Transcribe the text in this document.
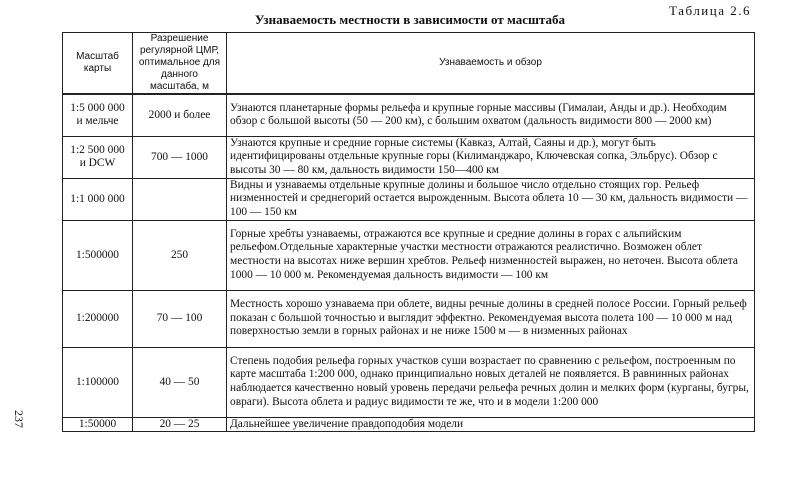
Таблица 2.6
Узнаваемость местности в зависимости от масштаба
237
Масштаб карты	Разрешение регулярной ЦМР, оптимальное для данного масштаба, м	Узнаваемость и обзор
1:5 000 000 и мельче	2000 и более	Узнаются планетарные формы рельефа и крупные горные массивы (Гималаи, Анды и др.). Необходим обзор с большой высоты (50 — 200 км), с большим охватом (дальность видимости 800 — 2000 км)
1:2 500 000 и DCW	700 — 1000	Узнаются крупные и средние горные системы (Кавказ, Алтай, Саяны и др.), могут быть идентифицированы отдельные крупные горы (Килиманджаро, Ключевская сопка, Эльбрус). Обзор с высоты 30 — 80 км, дальность видимости 150—400 км
1:1 000 000		Видны и узнаваемы отдельные крупные долины и большое число отдельно стоящих гор. Рельеф низменностей и среднегорий остается вырожденным. Высота облета 10 — 30 км, дальность видимости — 100 — 150 км
1:500000	250	Горные хребты узнаваемы, отражаются все крупные и средние долины в горах с альпийским рельефом.Отдельные характерные участки местности отражаются реалистично. Возможен облет местности на высотах ниже вершин хребтов. Рельеф низменностей выражен, но неточен. Высота облета 1000 — 10 000 м. Рекомендуемая дальность видимости — 100 км
1:200000	70 — 100	Местность хорошо узнаваема при облете, видны речные долины в средней полосе России. Горный рельеф показан с большой точностью и выглядит эффектно. Рекомендуемая высота полета 100 — 10 000 м над поверхностью земли в горных районах и не ниже 1500 м — в низменных районах
1:100000	40 — 50	Степень подобия рельефа горных участков суши возрастает по сравнению с рельефом, построенным по карте масштаба 1:200 000, однако принципиально новых деталей не появляется. В равнинных районах наблюдается качественно новый уровень передачи рельефа речных долин и мелких форм (курганы, бугры, овраги). Высота облета и радиус видимости те же, что и в модели 1:200 000
1:50000	20 — 25	Дальнейшее увеличение правдоподобия модели
